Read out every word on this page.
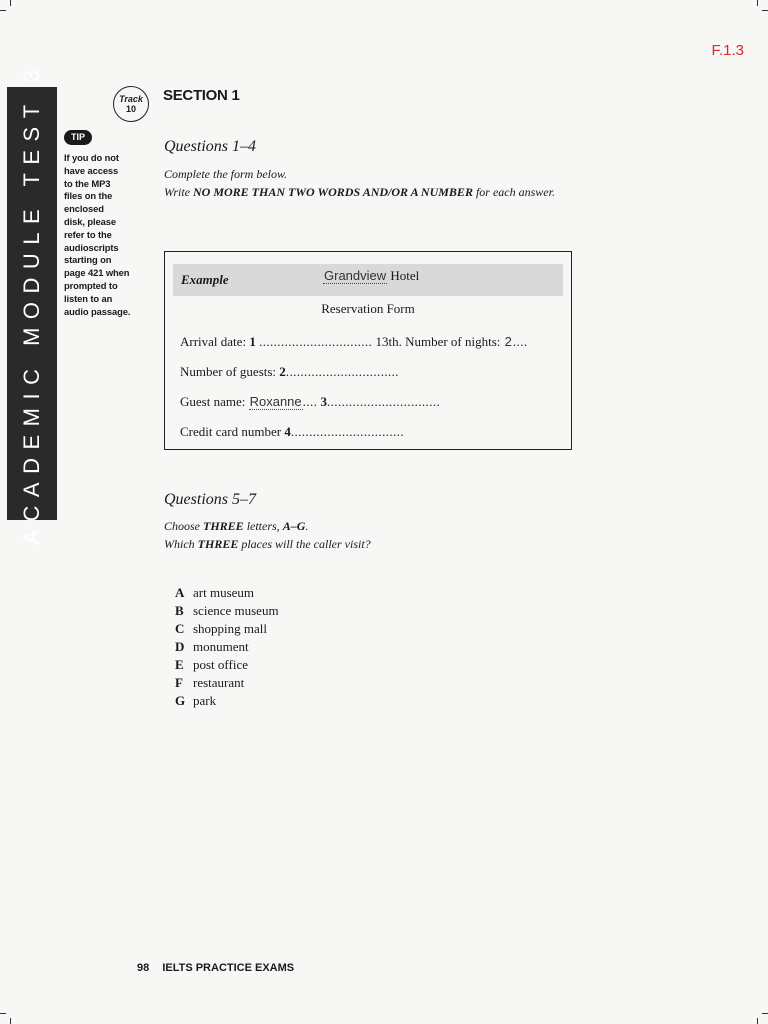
F.1.3
ACADEMIC MODULE TEST 3	Track
10
SECTION 1
TIP
If you do not
have access
to the MP3
files on the
enclosed
disk, please
refer to the
audioscripts
starting on
page 421 when
prompted to
listen to an
audio passage.
Questions 1–4
Complete the form below.
Write NO MORE THAN TWO WORDS AND/OR A NUMBER for each answer.
Example	Grandview Hotel
Reservation Form
Arrival date: 1 ............................... 13th. Number of nights: 2....
Number of guests: 2...............................
Guest name: Roxanne.... 3...............................
Credit card number 4...............................
Questions 5–7
Choose THREE letters, A–G.
Which THREE places will the caller visit?
A art museum
B science museum
C shopping mall
D monument
E post office
F restaurant
G park
98 IELTS PRACTICE EXAMS
